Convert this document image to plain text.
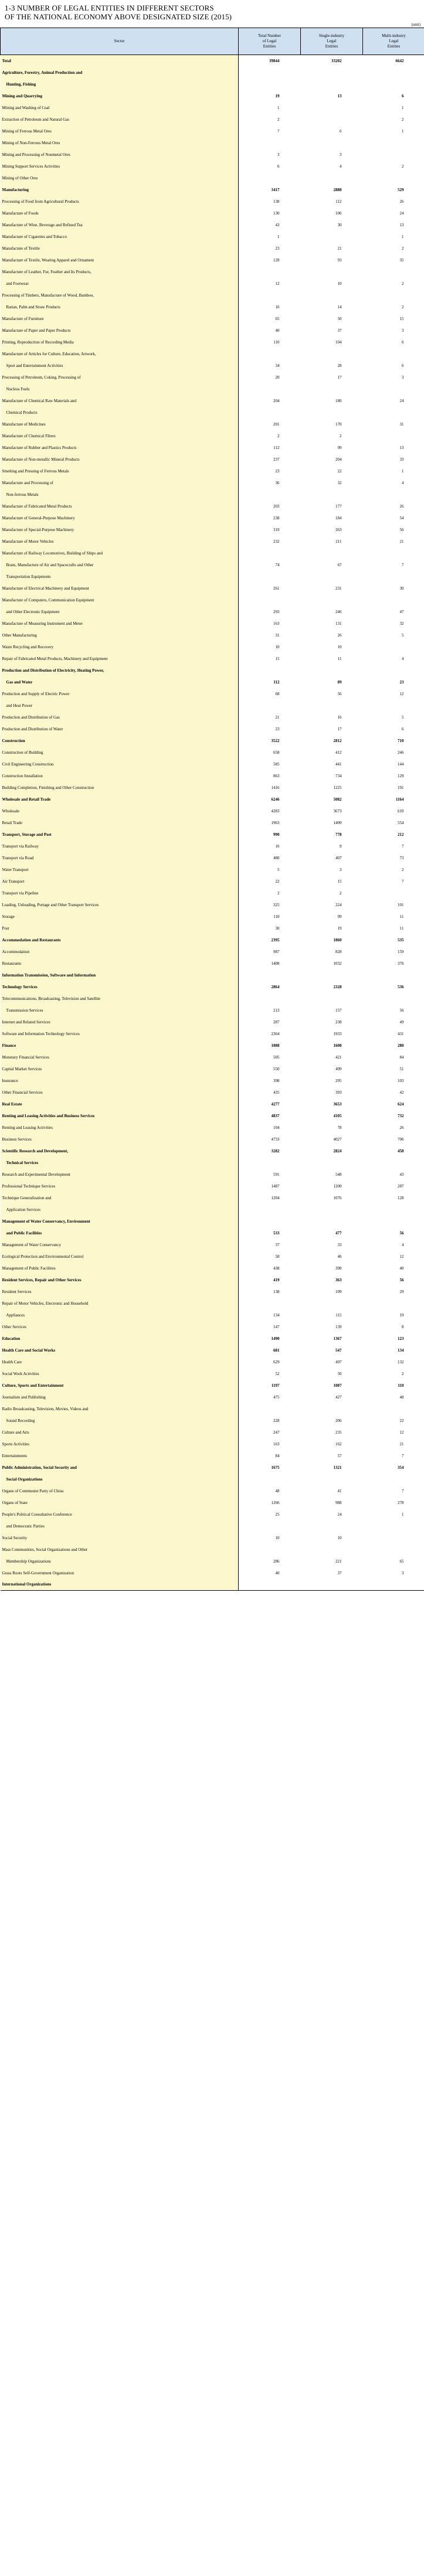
1-3 NUMBER OF LEGAL ENTITIES IN DIFFERENT SECTORS
OF THE NATIONAL ECONOMY ABOVE DESIGNATED SIZE (2015)
(unit)
Sector	Total Number
of Legal
Entities	Single-industry
Legal
Entities	Multi-industry
Legal
Entities
Total	39844	33202	6642
Agriculture, Forestry, Animal Production and			
Hunting, Fishing			
Mining and Quarrying	19	13	6
Mining and Washing of Coal	1		1
Extraction of Petroleum and Natural Gas	2		2
Mining of Ferrous Metal Ores	7	6	1
Mining of Non-Ferrous Metal Ores			
Mining and Processing of Nonmetal Ores	3	3	
Mining Support Services Activities	6	4	2
Mining of Other Ores			
Manufacturing	3417	2888	529
Processing of Food from Agricultural Products	138	112	26
Manufacture of Foods	130	106	24
Manufacture of Wine, Beverage and Refined Tea	43	30	13
Manufacture of Cigarettes and Tobacco	1		1
Manufacture of Textile	23	21	2
Manufacture of Textile, Wearing Apparel and Ornament	128	93	35
Manufacture of Leather, Fur, Feather and Its Products,			
and Footwear	12	10	2
Processing of Timbers, Manufacture of Wood, Bamboo,			
Rattan, Palm and Straw Products	16	14	2
Manufacture of Furniture	65	50	15
Manufacture of Paper and Paper Products	40	37	3
Printing, Reproduction of Recording Media	110	104	6
Manufacture of Articles for Culture, Education, Artwork,			
Sport and Entertainment Activities	34	28	6
Processing of Petroleum, Coking, Processing of	20	17	3
Nucleus Fuels			
Manufacture of Chemical Raw Materials and	204	180	24
Chemical Products			
Manufacture of Medicines	201	170	31
Manufacture of Chemical Fibres	2	2	
Manufacture of Rubber and Plastics Products	112	99	13
Manufacture of Non-metallic Mineral Products	237	204	33
Smelting and Pressing of Ferrous Metals	23	22	1
Manufacture and Processing of	36	32	4
Non-ferrous Metals			
Manufacture of Fabricated Metal Products	203	177	26
Manufacture of General-Purpose Machinery	238	184	54
Manufacture of Special-Purpose Machinery	319	263	56
Manufacture of Motor Vehicles	232	211	21
Manufacture of Railway Locomotives, Building of Ships and			
Boats, Manufacture of Air and Spacecrafts and Other	74	67	7
Transportation Equipments			
Manufacture of Electrical Machinery and Equipment	261	231	30
Manufacture of Computers, Communication Equipment			
and Other Electronic Equipment	293	246	47
Manufacture of Measuring Instrument and Meter	163	131	32
Other Manufacturing	31	26	5
Waste Recycling and Recovery	10	10	
Repair of Fabricated Metal Products, Machinery and Equipment	15	11	4
Production and Distribution of Electricity, Heating Power,			
Gas and Water	112	89	23
Production and Supply of Electric Power	68	56	12
and Heat Power			
Production and Distribution of Gas	21	16	5
Production and Distribution of Water	23	17	6
Construction	3522	2812	710
Construction of Building	658	412	246
Civil Engineering Construction	585	441	144
Construction Installation	863	734	129
Building Completion, Finishing and Other Construction	1416	1225	191
Wholesale and Retail Trade	6246	5082	1164
Wholesale	4283	3673	610
Retail Trade	1963	1409	554
Transport, Storage and Post	990	778	212
Transport via Railway	16	9	7
Transport via Road	480	407	73
Water Transport	5	3	2
Air Transport	22	15	7
Transport via Pipeline	2	2	
Loading, Unloading, Portage and Other Transport Services	325	224	101
Storage	110	99	11
Post	30	19	11
Accommodation and Restaurants	2395	1860	535
Accommodation	987	828	159
Restaurants	1408	1032	376
Information Transmission, Software and Information			
Technology Services	2864	2328	536
Telecommunications, Broadcasting, Television and Satellite			
Transmission Services	213	157	56
Internet and Related Services	287	238	49
Software and Information Technology Services	2364	1933	431
Finance	1888	1608	280
Monetary Financial Services	505	421	84
Capital Market Services	550	499	51
Insurance	398	295	103
Other Financial Services	435	393	42
Real Estate	4277	3653	624
Renting and Leasing Activities and Business Services	4837	4105	732
Renting and Leasing Activities	104	78	26
Business Services	4733	4027	706
Scientific Research and Development,	3282	2824	458
Technical Services			
Research and Experimental Development	591	548	43
Professional Technique Services	1487	1200	287
Technique Generalization and	1204	1076	128
Application Services			
Management of Water Conservancy, Environment			
and Public Facilities	533	477	56
Management of Water Conservancy	37	33	4
Ecological Protection and Environmental Control	58	46	12
Management of Public Facilities	438	398	40
Resident Services, Repair and Other Services	419	363	56
Resident Services	138	109	29
Repair of Motor Vehicles, Electronic and Household			
Appliances	134	115	19
Other Services	147	139	8
Education	1490	1367	123
Health Care and Social Works	681	547	134
Health Care	629	497	132
Social Work Activities	52	50	2
Culture, Sports and Entertainment	1197	1087	110
Journalism and Publishing	475	427	48
Radio Broadcasting, Television, Movies, Videos and			
Sound Recording	228	206	22
Culture and Arts	247	235	12
Sports Activities	163	162	21
Entertainments	84	57	7
Public Administration, Social Security and	1675	1321	354
Social Organizations			
Organs of Communist Party of China	48	41	7
Organs of State	1266	988	278
People's Political Consultative Conference	25	24	1
and Democratic Parties			
Social Security	10	10	
Mass Communities, Social Organizations and Other			
Membership Organizations	286	221	65
Grass Roots Self-Government Organization	40	37	3
International Organizations			
